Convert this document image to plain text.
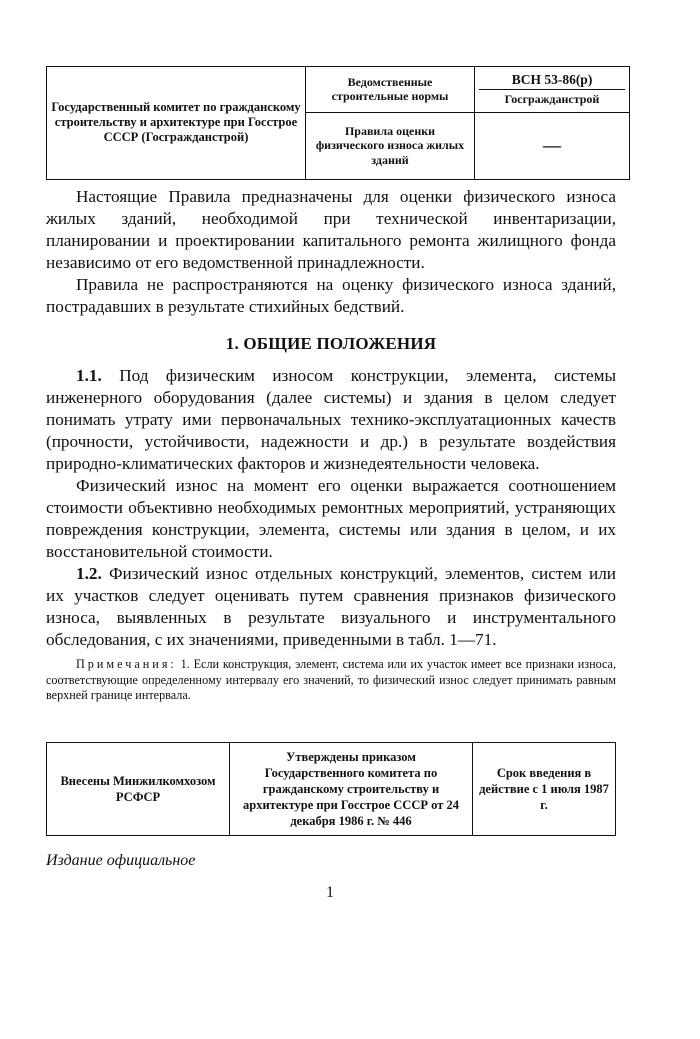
Государственный комитет по гражданскому строительству и архитектуре при Госстрое СССР (Госгражданстрой)	Ведомственные строительные нормы	ВСН 53-86(р)
Госгражданстрой

	Правила оценки физического износа жилых зданий	—

Настоящие Правила предназначены для оценки физического износа жилых зданий, необходимой при технической инвентаризации, планировании и проектировании капитального ремонта жилищного фонда независимо от его ведомственной принадлежности.

Правила не распространяются на оценку физического износа зданий, пострадавших в результате стихийных бедствий.

1. ОБЩИЕ ПОЛОЖЕНИЯ

1.1. Под физическим износом конструкции, элемента, системы инженерного оборудования (далее системы) и здания в целом следует понимать утрату ими первоначальных технико-эксплуатационных качеств (прочности, устойчивости, надежности и др.) в результате воздействия природно-климатических факторов и жизнедеятельности человека.

Физический износ на момент его оценки выражается соотношением стоимости объективно необходимых ремонтных мероприятий, устраняющих повреждения конструкции, элемента, системы или здания в целом, и их восстановительной стоимости.

1.2. Физический износ отдельных конструкций, элементов, систем или их участков следует оценивать путем сравнения признаков физического износа, выявленных в результате визуального и инструментального обследования, с их значениями, приведенными в табл. 1—71.

Примечания: 1. Если конструкция, элемент, система или их участок имеет все признаки износа, соответствующие определенному интервалу его значений, то физический износ следует принимать равным верхней границе интервала.

Внесены Минжилкомхозом РСФСР	Утверждены приказом Государственного комитета по гражданскому строительству и архитектуре при Госстрое СССР от 24 декабря 1986 г. № 446	Срок введения в действие с 1 июля 1987 г.
Издание официальное
1
